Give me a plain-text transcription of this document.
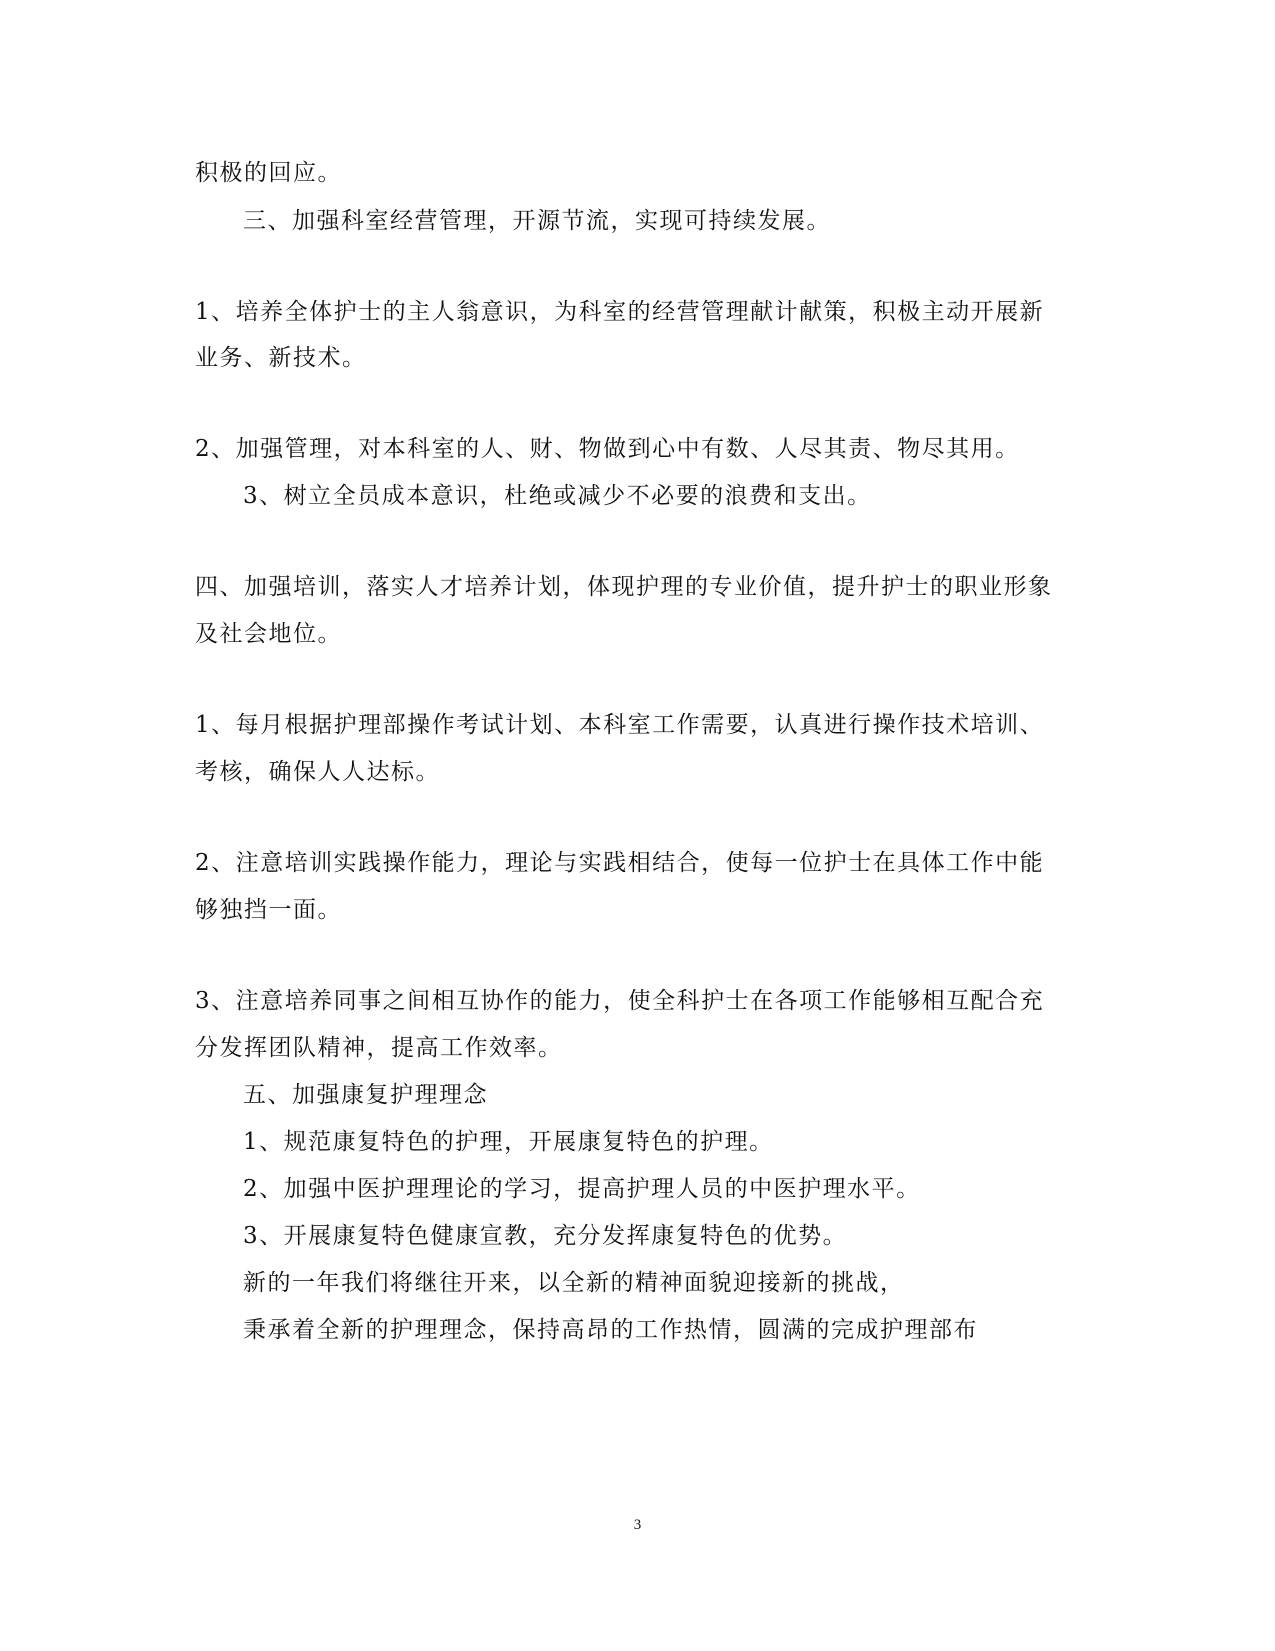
积极的回应。
三、加强科室经营管理，开源节流，实现可持续发展。
1、培养全体护士的主人翁意识，为科室的经营管理献计献策，积极主动开展新
业务、新技术。
2、加强管理，对本科室的人、财、物做到心中有数、人尽其责、物尽其用。
3、树立全员成本意识，杜绝或减少不必要的浪费和支出。
四、加强培训，落实人才培养计划，体现护理的专业价值，提升护士的职业形象
及社会地位。
1、每月根据护理部操作考试计划、本科室工作需要，认真进行操作技术培训、
考核，确保人人达标。
2、注意培训实践操作能力，理论与实践相结合，使每一位护士在具体工作中能
够独挡一面。
3、注意培养同事之间相互协作的能力，使全科护士在各项工作能够相互配合充
分发挥团队精神，提高工作效率。
五、加强康复护理理念
1、规范康复特色的护理，开展康复特色的护理。
2、加强中医护理理论的学习，提高护理人员的中医护理水平。
3、开展康复特色健康宣教，充分发挥康复特色的优势。
新的一年我们将继往开来，以全新的精神面貌迎接新的挑战，
秉承着全新的护理理念，保持高昂的工作热情，圆满的完成护理部布
3
